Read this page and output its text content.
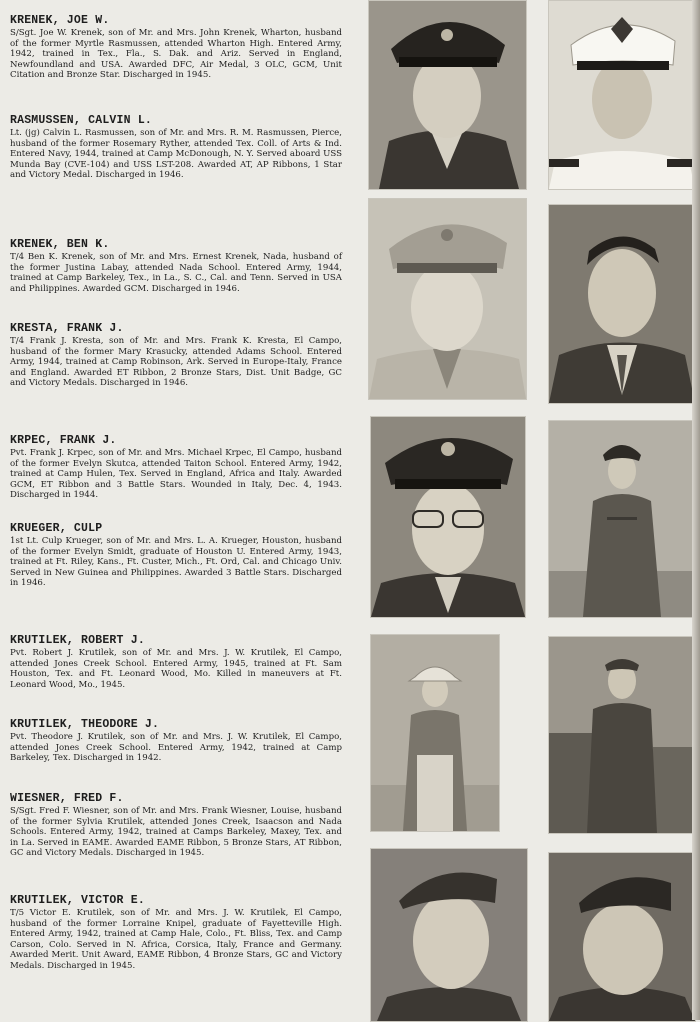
KRENEK, JOE W.

S/Sgt. Joe W. Krenek, son of Mr. and Mrs. John Krenek, Wharton, husband of the former Myrtle Rasmussen, attended Wharton High. Entered Army, 1942, trained in Tex., Fla., S. Dak. and Ariz. Served in England, Newfoundland and USA. Awarded DFC, Air Medal, 3 OLC, GCM, Unit Citation and Bronze Star. Discharged in 1945.

RASMUSSEN, CALVIN L.

Lt. (jg) Calvin L. Rasmussen, son of Mr. and Mrs. R. M. Rasmussen, Pierce, husband of the former Rosemary Ryther, attended Tex. Coll. of Arts & Ind. Entered Navy, 1944, trained at Camp McDonough, N. Y. Served aboard USS Munda Bay (CVE-104) and USS LST-208. Awarded AT, AP Ribbons, 1 Star and Victory Medal. Discharged in 1946.

KRENEK, BEN K.

T/4 Ben K. Krenek, son of Mr. and Mrs. Ernest Krenek, Nada, husband of the former Justina Labay, attended Nada School. Entered Army, 1944, trained at Camp Barkeley, Tex., in La., S. C., Cal. and Tenn. Served in USA and Philippines. Awarded GCM. Discharged in 1946.

KRESTA, FRANK J.

T/4 Frank J. Kresta, son of Mr. and Mrs. Frank K. Kresta, El Campo, husband of the former Mary Krasucky, attended Adams School. Entered Army, 1944, trained at Camp Robinson, Ark. Served in Europe-Italy, France and England. Awarded ET Ribbon, 2 Bronze Stars, Dist. Unit Badge, GC and Victory Medals. Discharged in 1946.

KRPEC, FRANK J.

Pvt. Frank J. Krpec, son of Mr. and Mrs. Michael Krpec, El Campo, husband of the former Evelyn Skutca, attended Taiton School. Entered Army, 1942, trained at Camp Hulen, Tex. Served in England, Africa and Italy. Awarded GCM, ET Ribbon and 3 Battle Stars. Wounded in Italy, Dec. 4, 1943. Discharged in 1944.

KRUEGER, CULP

1st Lt. Culp Krueger, son of Mr. and Mrs. L. A. Krueger, Houston, husband of the former Evelyn Smidt, graduate of Houston U. Entered Army, 1943, trained at Ft. Riley, Kans., Ft. Custer, Mich., Ft. Ord, Cal. and Chicago Univ. Served in New Guinea and Philippines. Awarded 3 Battle Stars. Discharged in 1946.

KRUTILEK, ROBERT J.

Pvt. Robert J. Krutilek, son of Mr. and Mrs. J. W. Krutilek, El Campo, attended Jones Creek School. Entered Army, 1945, trained at Ft. Sam Houston, Tex. and Ft. Leonard Wood, Mo. Killed in maneuvers at Ft. Leonard Wood, Mo., 1945.

KRUTILEK, THEODORE J.

Pvt. Theodore J. Krutilek, son of Mr. and Mrs. J. W. Krutilek, El Campo, attended Jones Creek School. Entered Army, 1942, trained at Camp Barkeley, Tex. Discharged in 1942.

WIESNER, FRED F.

S/Sgt. Fred F. Wiesner, son of Mr. and Mrs. Frank Wiesner, Louise, husband of the former Sylvia Krutilek, attended Jones Creek, Isaacson and Nada Schools. Entered Army, 1942, trained at Camps Barkeley, Maxey, Tex. and in La. Served in EAME. Awarded EAME Ribbon, 5 Bronze Stars, AT Ribbon, GC and Victory Medals. Discharged in 1945.

KRUTILEK, VICTOR E.

T/5 Victor E. Krutilek, son of Mr. and Mrs. J. W. Krutilek, El Campo, husband of the former Lorraine Knipel, graduate of Fayetteville High. Entered Army, 1942, trained at Camp Hale, Colo., Ft. Bliss, Tex. and Camp Carson, Colo. Served in N. Africa, Corsica, Italy, France and Germany. Awarded Merit. Unit Award, EAME Ribbon, 4 Bronze Stars, GC and Victory Medals. Discharged in 1945.
